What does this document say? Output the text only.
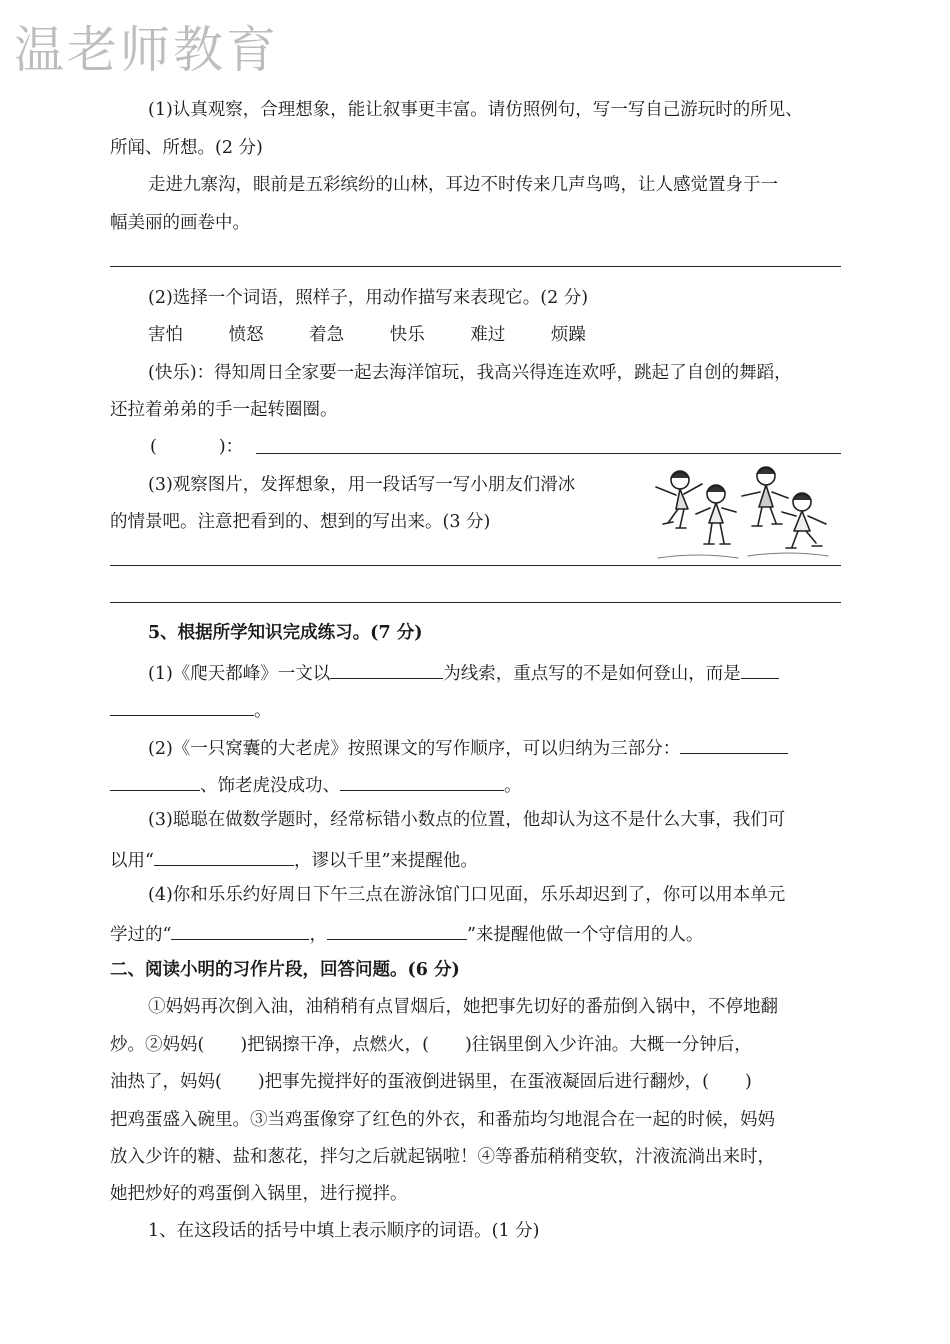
温老师教育
(1)认真观察，合理想象，能让叙事更丰富。请仿照例句，写一写自己游玩时的所见、
所闻、所想。(2 分)
走进九寨沟，眼前是五彩缤纷的山林，耳边不时传来几声鸟鸣，让人感觉置身于一
幅美丽的画卷中。
(2)选择一个词语，照样子，用动作描写来表现它。(2 分)
害怕	愤怒	着急	快乐	难过	烦躁
(快乐)：得知周日全家要一起去海洋馆玩，我高兴得连连欢呼，跳起了自创的舞蹈，
还拉着弟弟的手一起转圈圈。
(	)：
(3)观察图片，发挥想象，用一段话写一写小朋友们滑冰
的情景吧。注意把看到的、想到的写出来。(3 分)
5、根据所学知识完成练习。(7 分)
(1)《爬天都峰》一文以	为线索，重点写的不是如何登山，而是
。
(2)《一只窝囊的大老虎》按照课文的写作顺序，可以归纳为三部分：
、饰老虎没成功、	。
(3)聪聪在做数学题时，经常标错小数点的位置，他却认为这不是什么大事，我们可
以用“	，谬以千里”来提醒他。
(4)你和乐乐约好周日下午三点在游泳馆门口见面，乐乐却迟到了，你可以用本单元
学过的“	，	”来提醒他做一个守信用的人。
二、阅读小明的习作片段，回答问题。(6 分)
①妈妈再次倒入油，油稍稍有点冒烟后，她把事先切好的番茄倒入锅中，不停地翻
炒。②妈妈( )把锅擦干净，点燃火，( )往锅里倒入少许油。大概一分钟后，
油热了，妈妈( )把事先搅拌好的蛋液倒进锅里，在蛋液凝固后进行翻炒，( )
把鸡蛋盛入碗里。③当鸡蛋像穿了红色的外衣，和番茄均匀地混合在一起的时候，妈妈
放入少许的糖、盐和葱花，拌匀之后就起锅啦！④等番茄稍稍变软，汁液流淌出来时，
她把炒好的鸡蛋倒入锅里，进行搅拌。
1、在这段话的括号中填上表示顺序的词语。(1 分)
